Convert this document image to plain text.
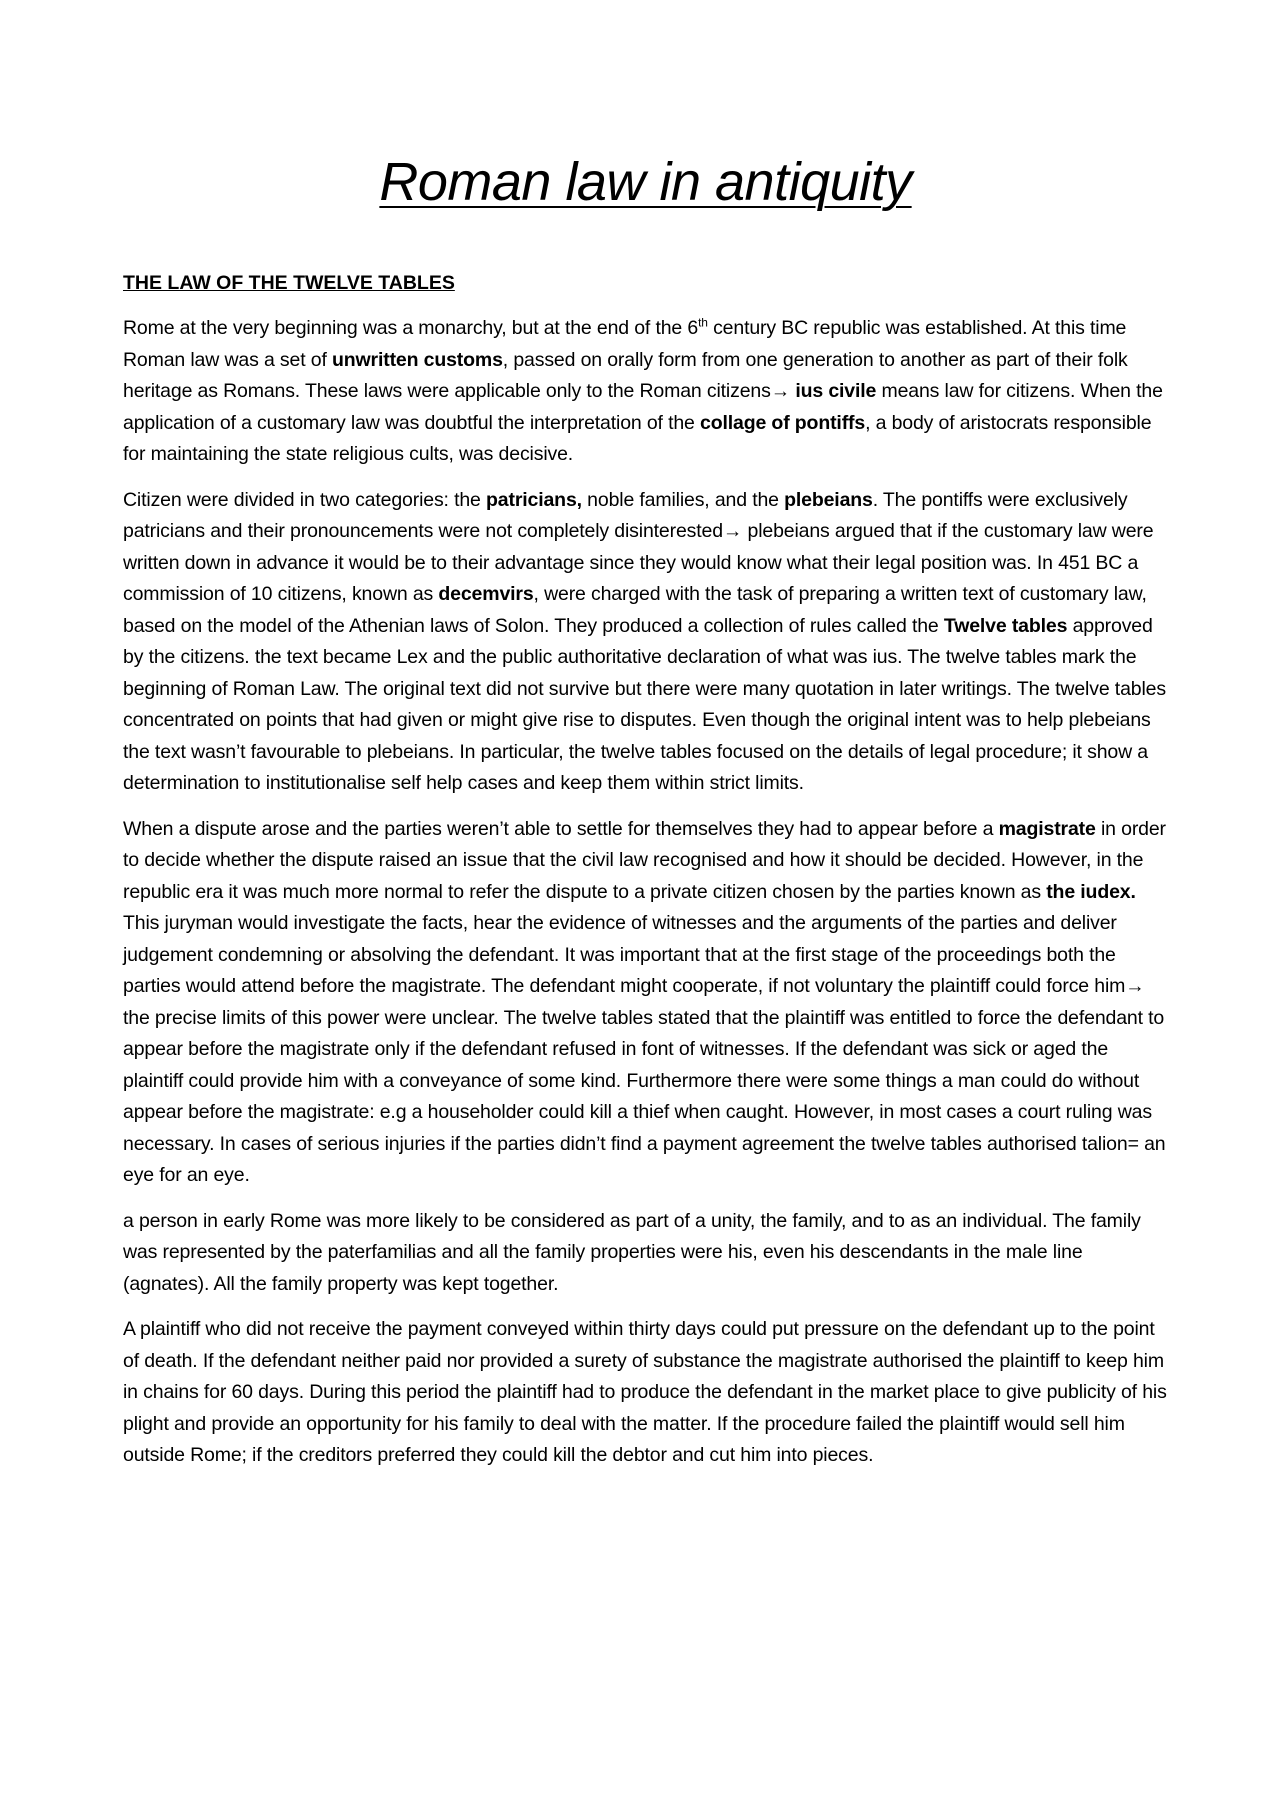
Roman law in antiquity
THE LAW OF THE TWELVE TABLES

Rome at the very beginning was a monarchy, but at the end of the 6th century BC republic was established. At this time Roman law was a set of unwritten customs, passed on orally form from one generation to another as part of their folk heritage as Romans. These laws were applicable only to the Roman citizens→ ius civile means law for citizens. When the application of a customary law was doubtful the interpretation of the collage of pontiffs, a body of aristocrats responsible for maintaining the state religious cults, was decisive.

Citizen were divided in two categories: the patricians, noble families, and the plebeians. The pontiffs were exclusively patricians and their pronouncements were not completely disinterested→ plebeians argued that if the customary law were written down in advance it would be to their advantage since they would know what their legal position was. In 451 BC a commission of 10 citizens, known as decemvirs, were charged with the task of preparing a written text of customary law, based on the model of the Athenian laws of Solon. They produced a collection of rules called the Twelve tables approved by the citizens. the text became Lex and the public authoritative declaration of what was ius. The twelve tables mark the beginning of Roman Law. The original text did not survive but there were many quotation in later writings. The twelve tables concentrated on points that had given or might give rise to disputes. Even though the original intent was to help plebeians the text wasn’t favourable to plebeians. In particular, the twelve tables focused on the details of legal procedure; it show a determination to institutionalise self help cases and keep them within strict limits.

When a dispute arose and the parties weren’t able to settle for themselves they had to appear before a magistrate in order to decide whether the dispute raised an issue that the civil law recognised and how it should be decided. However, in the republic era it was much more normal to refer the dispute to a private citizen chosen by the parties known as the iudex. This juryman would investigate the facts, hear the evidence of witnesses and the arguments of the parties and deliver judgement condemning or absolving the defendant. It was important that at the first stage of the proceedings both the parties would attend before the magistrate. The defendant might cooperate, if not voluntary the plaintiff could force him→ the precise limits of this power were unclear. The twelve tables stated that the plaintiff was entitled to force the defendant to appear before the magistrate only if the defendant refused in font of witnesses. If the defendant was sick or aged the plaintiff could provide him with a conveyance of some kind. Furthermore there were some things a man could do without appear before the magistrate: e.g a householder could kill a thief when caught. However, in most cases a court ruling was necessary. In cases of serious injuries if the parties didn’t find a payment agreement the twelve tables authorised talion= an eye for an eye.

a person in early Rome was more likely to be considered as part of a unity, the family, and to as an individual. The family was represented by the paterfamilias and all the family properties were his, even his descendants in the male line (agnates). All the family property was kept together.

A plaintiff who did not receive the payment conveyed within thirty days could put pressure on the defendant up to the point of death. If the defendant neither paid nor provided a surety of substance the magistrate authorised the plaintiff to keep him in chains for 60 days. During this period the plaintiff had to produce the defendant in the market place to give publicity of his plight and provide an opportunity for his family to deal with the matter. If the procedure failed the plaintiff would sell him outside Rome; if the creditors preferred they could kill the debtor and cut him into pieces.
